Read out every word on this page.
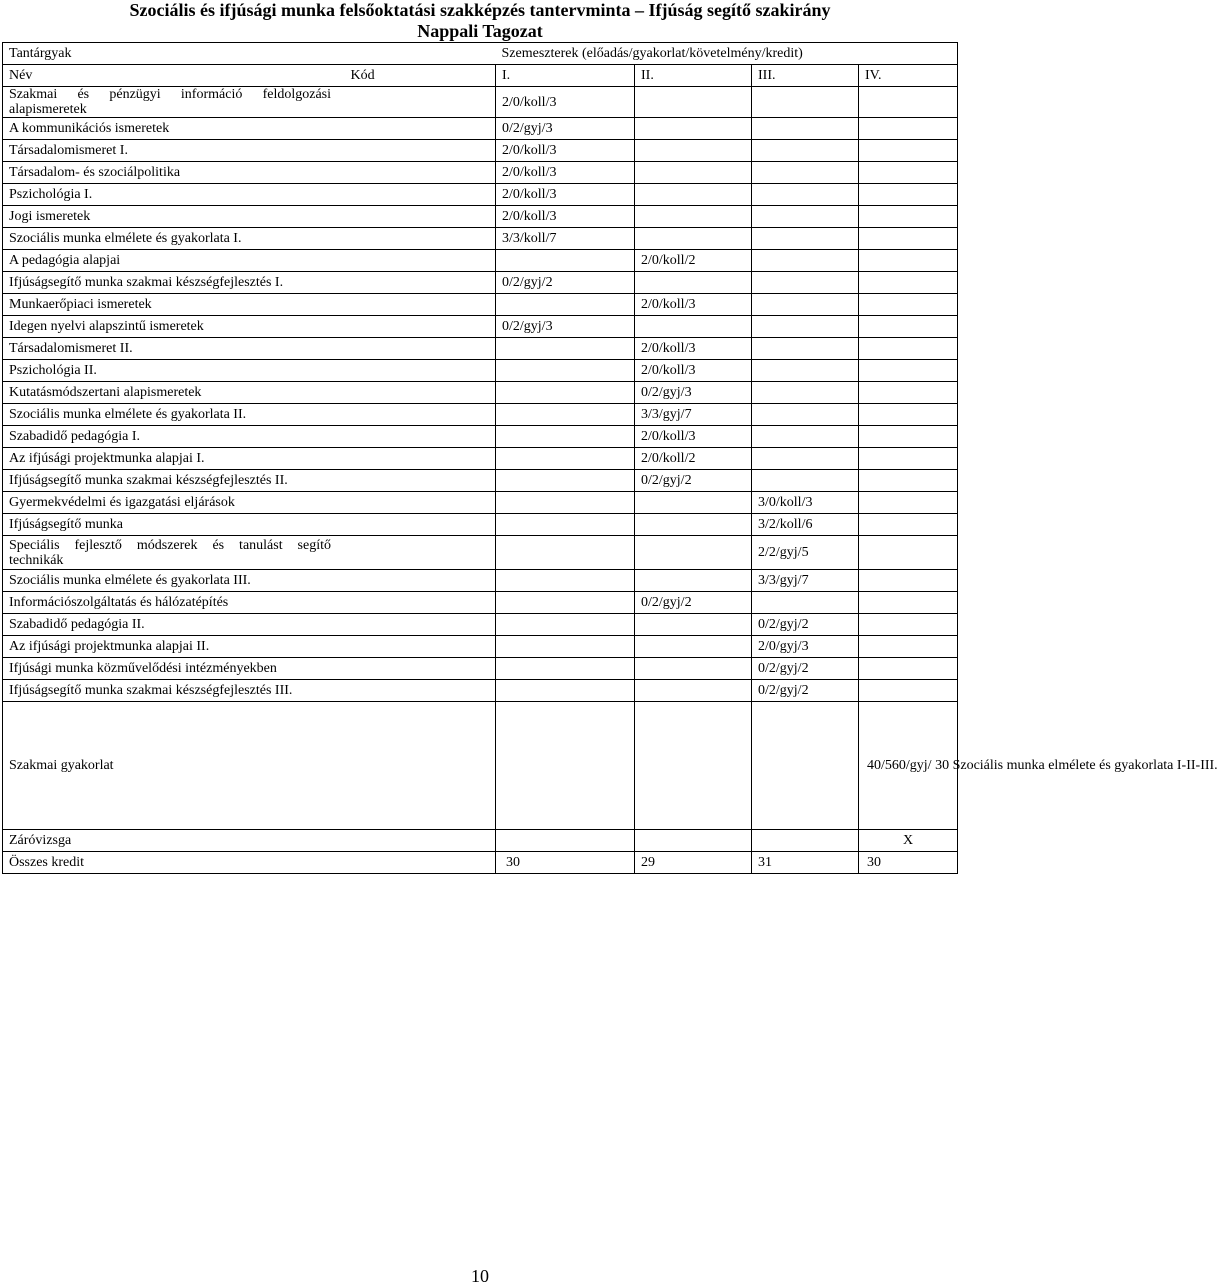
Szociális és ifjúsági munka felsőoktatási szakképzés tantervminta – Ifjúság segítő szakirány
Nappali Tagozat
Tantárgyak		Szemeszterek (előadás/gyakorlat/követelmény/kredit)			
Név	Kód	I.	II.	III.	IV.

Szakmai és pénzügyi információ feldolgozási alapismeretek		2/0/koll/3			
A kommunikációs ismeretek		0/2/gyj/3			
Társadalomismeret I.		2/0/koll/3			
Társadalom- és szociálpolitika		2/0/koll/3			
Pszichológia I.		2/0/koll/3			
Jogi ismeretek		2/0/koll/3			
Szociális munka elmélete és gyakorlata I.		3/3/koll/7			
A pedagógia alapjai			2/0/koll/2		
Ifjúságsegítő munka szakmai készségfejlesztés I.		0/2/gyj/2			
Munkaerőpiaci ismeretek			2/0/koll/3		
Idegen nyelvi alapszintű ismeretek		0/2/gyj/3			
Társadalomismeret II.			2/0/koll/3		
Pszichológia II.			2/0/koll/3		
Kutatásmódszertani alapismeretek			0/2/gyj/3		
Szociális munka elmélete és gyakorlata II.			3/3/gyj/7		
Szabadidő pedagógia I.			2/0/koll/3		
Az ifjúsági projektmunka alapjai I.			2/0/koll/2		
Ifjúságsegítő munka szakmai készségfejlesztés II.			0/2/gyj/2		
Gyermekvédelmi és igazgatási eljárások				3/0/koll/3	
Ifjúságsegítő munka				3/2/koll/6	

Speciális fejlesztő módszerek és tanulást segítő technikák				2/2/gyj/5	
Szociális munka elmélete és gyakorlata III.				3/3/gyj/7	
Információszolgáltatás és hálózatépítés			0/2/gyj/2		
Szabadidő pedagógia II.				0/2/gyj/2	
Az ifjúsági projektmunka alapjai II.				2/0/gyj/3	
Ifjúsági munka közművelődési intézményekben				0/2/gyj/2	
Ifjúságsegítő munka szakmai készségfejlesztés III.				0/2/gyj/2	
Szakmai gyakorlat					40/560/gyj/ 30 Szociális munka elmélete és gyakorlata I-II-III.
Záróvizsga					X
Összes kredit		30	29	31	30
10
